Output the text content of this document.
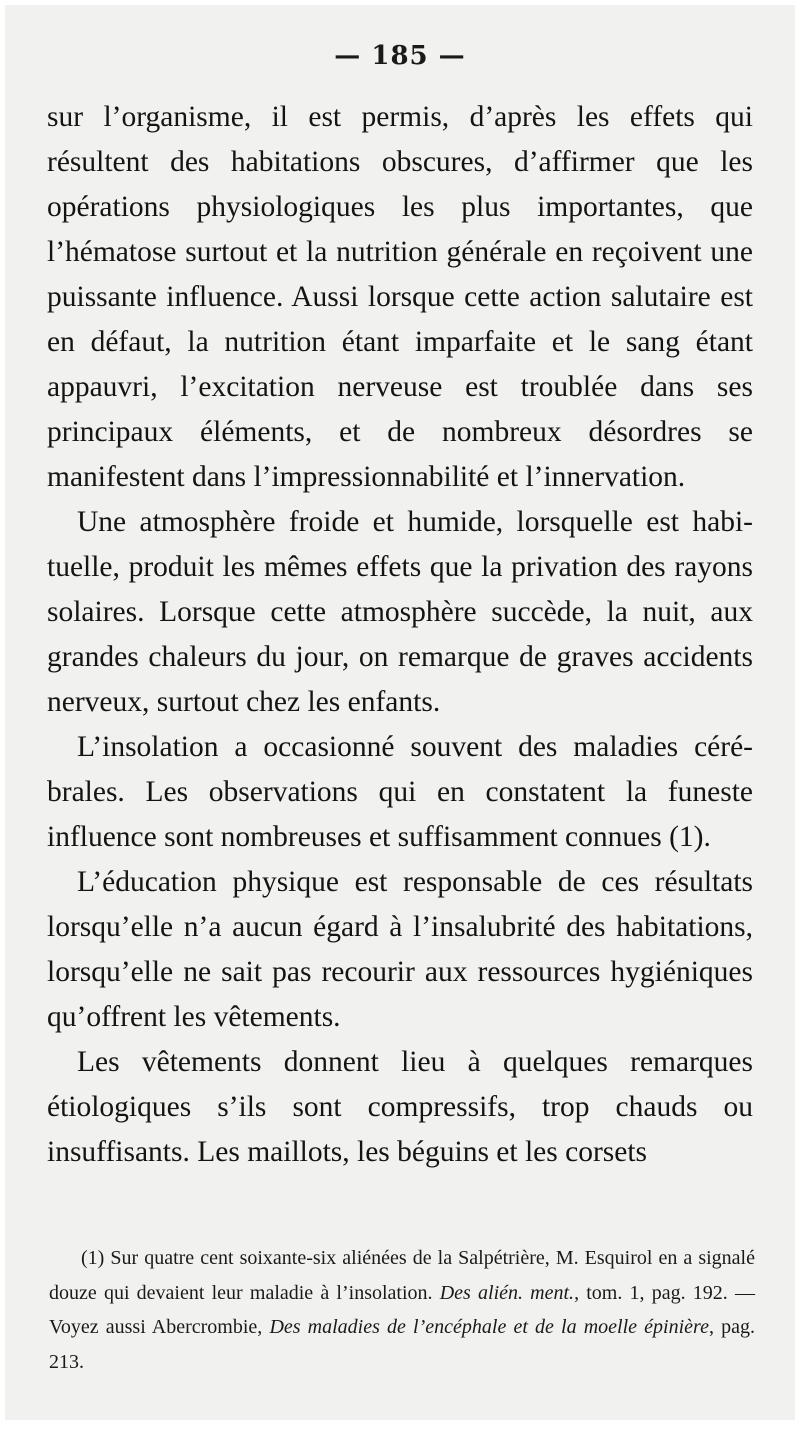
— 185 —

sur l’organisme, il est permis, d’après les effets qui résultent des habitations obscures, d’affirmer que les opérations physiologiques les plus importantes, que l’hématose surtout et la nutrition générale en reçoivent une puissante influence. Aussi lorsque cette action salutaire est en défaut, la nutrition étant imparfaite et le sang étant appauvri, l’excitation nerveuse est troublée dans ses principaux éléments, et de nombreux désordres se manifestent dans l’impressionnabilité et l’innervation.

Une atmosphère froide et humide, lorsquelle est habituelle, produit les mêmes effets que la privation des rayons solaires. Lorsque cette atmosphère succède, la nuit, aux grandes chaleurs du jour, on remarque de graves accidents nerveux, surtout chez les enfants.

L’insolation a occasionné souvent des maladies cérébrales. Les observations qui en constatent la funeste influence sont nombreuses et suffisamment connues (1).

L’éducation physique est responsable de ces résultats lorsqu’elle n’a aucun égard à l’insalubrité des habitations, lorsqu’elle ne sait pas recourir aux ressources hygiéniques qu’offrent les vêtements.

Les vêtements donnent lieu à quelques remarques étiologiques s’ils sont compressifs, trop chauds ou insuffisants. Les maillots, les béguins et les corsets

(1) Sur quatre cent soixante-six aliénées de la Salpétrière, M. Esquirol en a signalé douze qui devaient leur maladie à l’insolation. Des alién. ment., tom. 1, pag. 192. — Voyez aussi Abercrombie, Des maladies de l’encéphale et de la moelle épinière, pag. 213.
